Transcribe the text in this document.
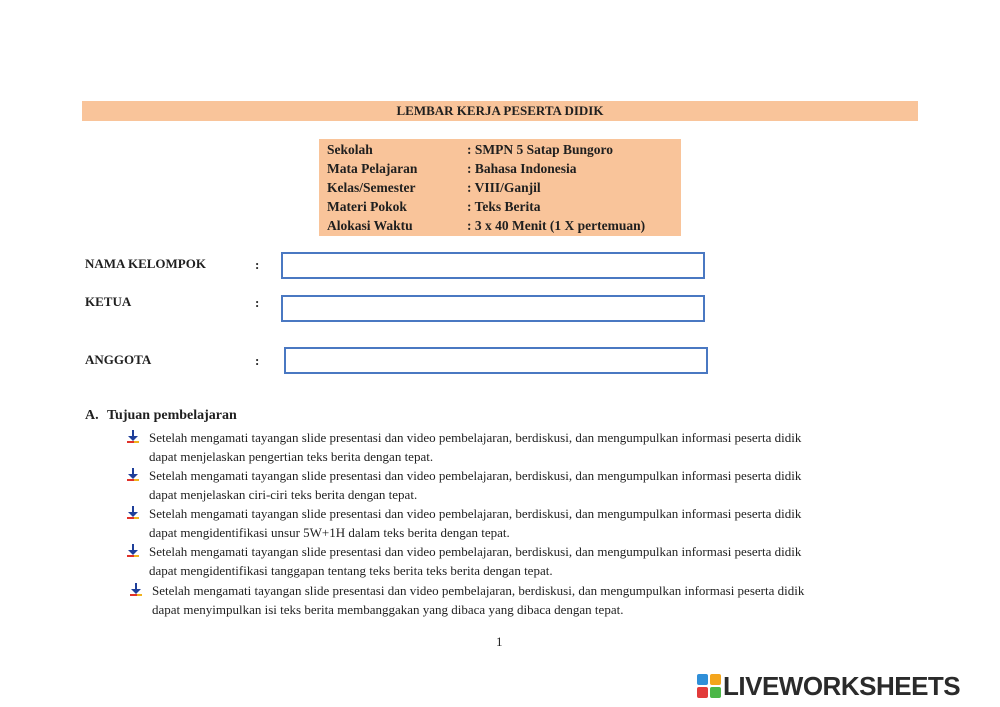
LEMBAR KERJA PESERTA DIDIK
Sekolah	: SMPN 5 Satap Bungoro
Mata Pelajaran	: Bahasa Indonesia
Kelas/Semester	: VIII/Ganjil
Materi Pokok	: Teks Berita
Alokasi Waktu	: 3 x 40 Menit (1 X pertemuan)
NAMA KELOMPOK	:
KETUA	:
ANGGOTA	:
A. Tujuan pembelajaran
Setelah mengamati tayangan slide presentasi dan video pembelajaran, berdiskusi, dan mengumpulkan informasi peserta didik
dapat menjelaskan pengertian teks berita dengan tepat.
Setelah mengamati tayangan slide presentasi dan video pembelajaran, berdiskusi, dan mengumpulkan informasi peserta didik
dapat menjelaskan ciri-ciri teks berita dengan tepat.
Setelah mengamati tayangan slide presentasi dan video pembelajaran, berdiskusi, dan mengumpulkan informasi peserta didik
dapat mengidentifikasi unsur 5W+1H dalam teks berita dengan tepat.
Setelah mengamati tayangan slide presentasi dan video pembelajaran, berdiskusi, dan mengumpulkan informasi peserta didik
dapat mengidentifikasi tanggapan tentang teks berita teks berita dengan tepat.
Setelah mengamati tayangan slide presentasi dan video pembelajaran, berdiskusi, dan mengumpulkan informasi peserta didik
dapat menyimpulkan isi teks berita membanggakan yang dibaca yang dibaca dengan tepat.
1
LIVEWORKSHEETS
